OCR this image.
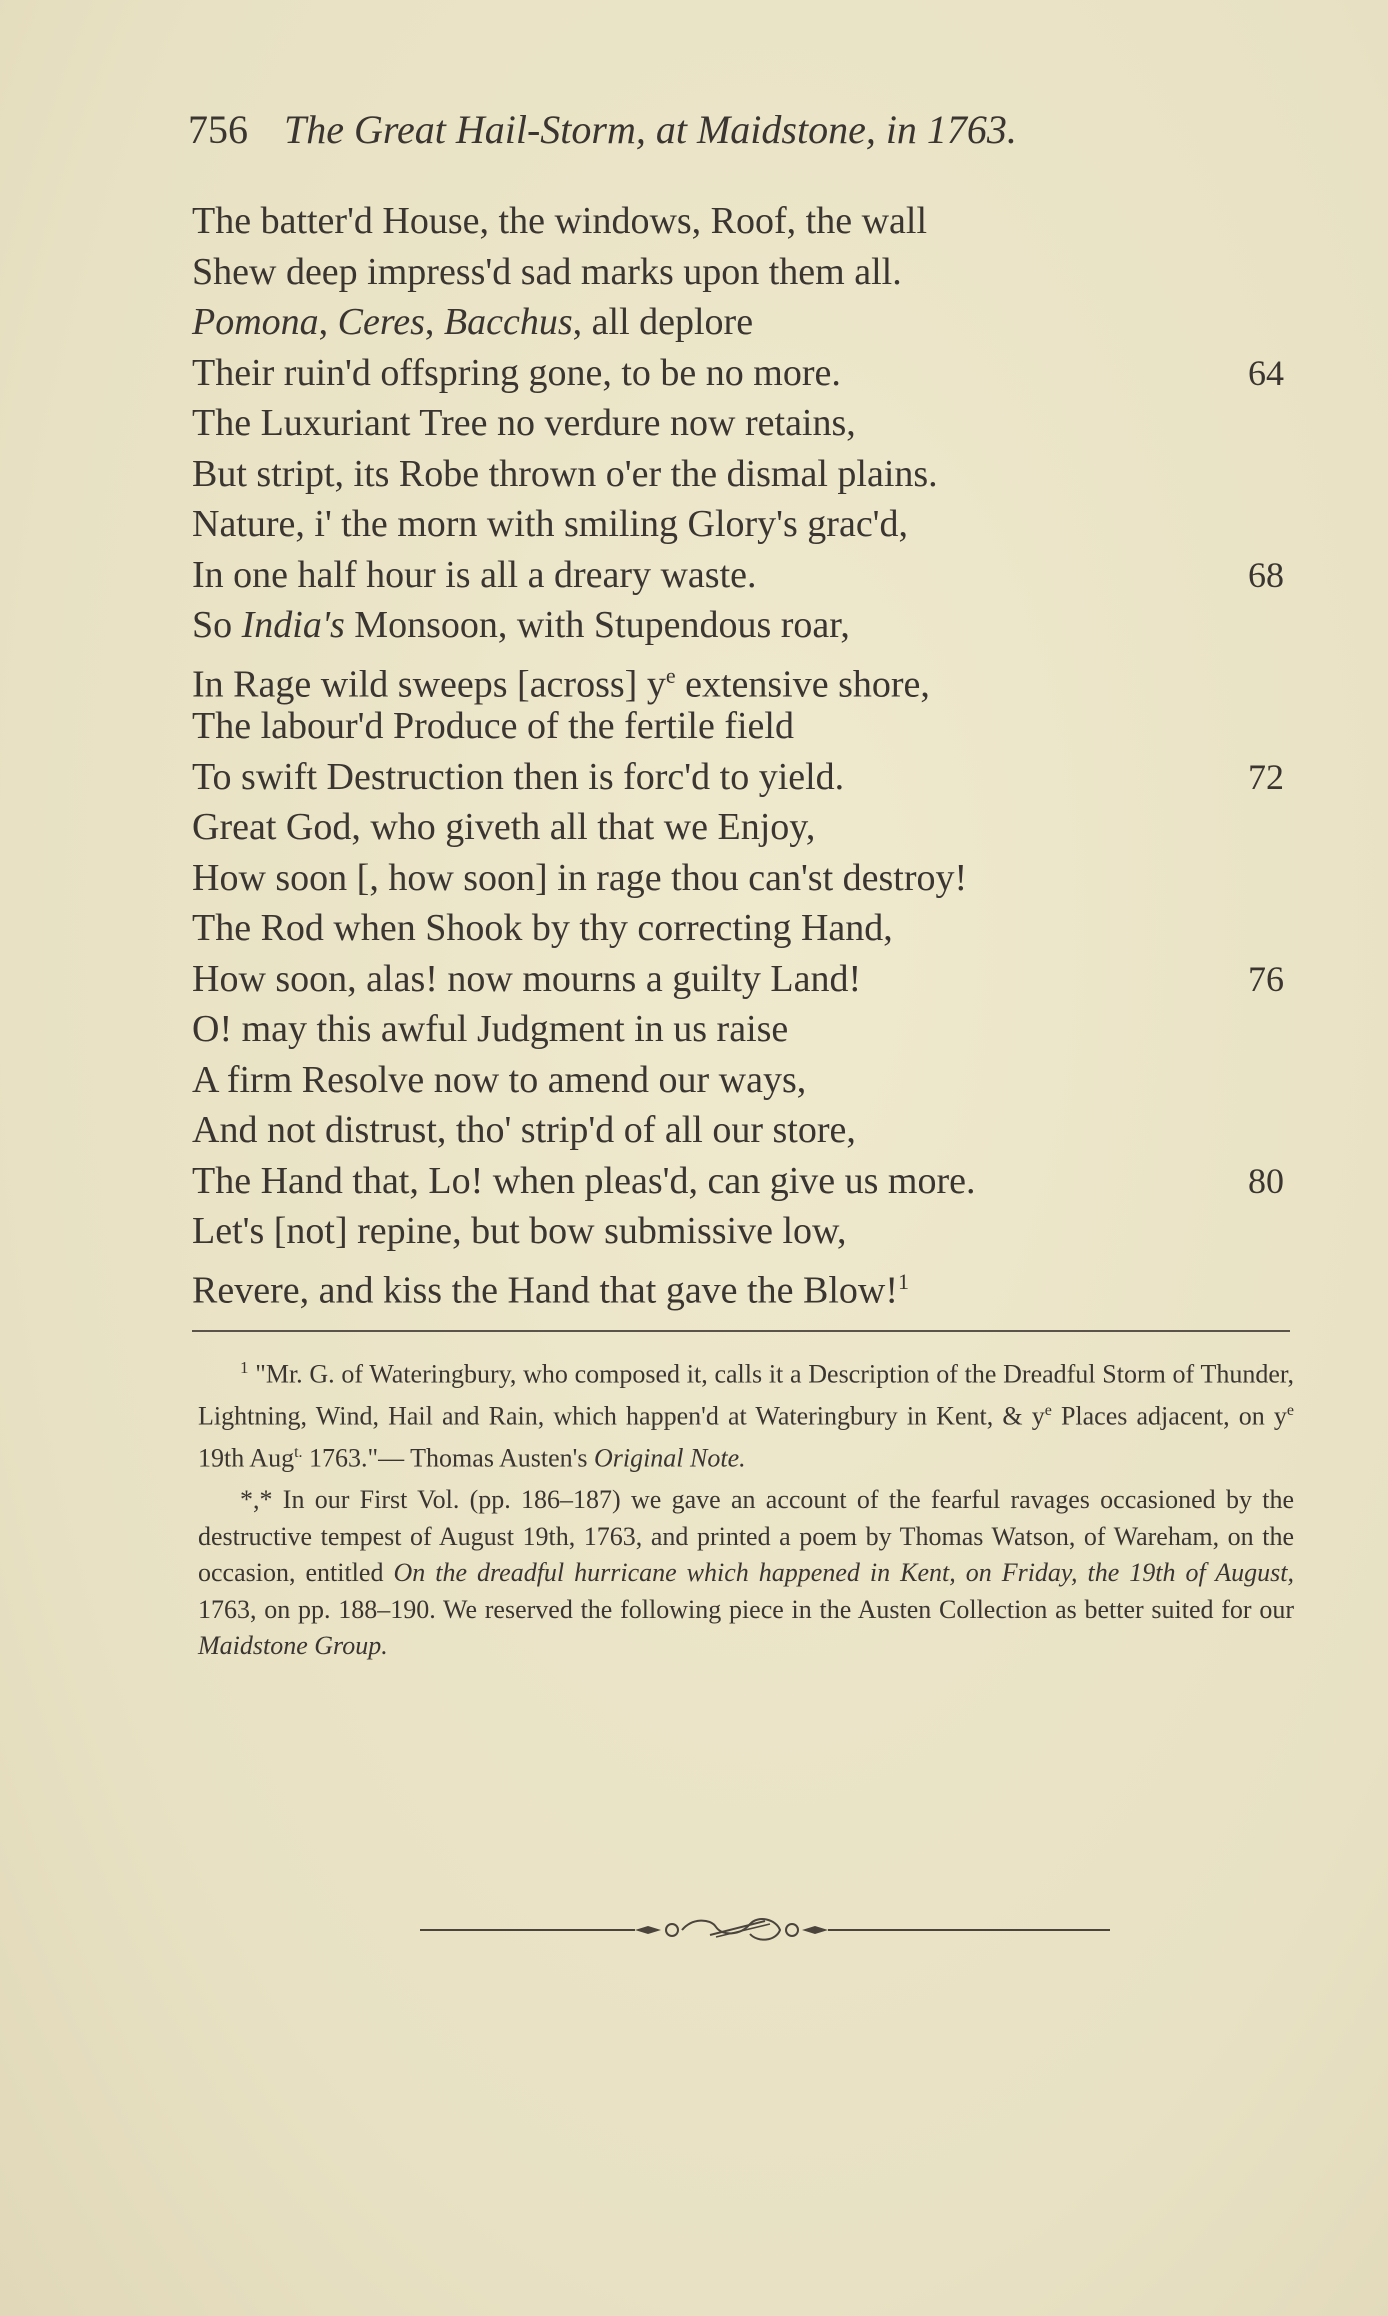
756 The Great Hail-Storm, at Maidstone, in 1763.
The batter'd House, the windows, Roof, the wall
Shew deep impress'd sad marks upon them all.
Pomona, Ceres, Bacchus, all deplore
Their ruin'd offspring gone, to be no more.	64
The Luxuriant Tree no verdure now retains,
But stript, its Robe thrown o'er the dismal plains.
Nature, i' the morn with smiling Glory's grac'd,
In one half hour is all a dreary waste.	68
So India's Monsoon, with Stupendous roar,
In Rage wild sweeps [across] $y^e$ extensive shore,
The labour'd Produce of the fertile field
To swift Destruction then is forc'd to yield.	72
Great God, who giveth all that we Enjoy,
How soon [, how soon] in rage thou can'st destroy!
The Rod when Shook by thy correcting Hand,
How soon, alas! now mourns a guilty Land!	76
O! may this awful Judgment in us raise
A firm Resolve now to amend our ways,
And not distrust, tho' strip'd of all our store,
The Hand that, Lo! when pleas'd, can give us more.	80
Let's [not] repine, but bow submissive low,
Revere, and kiss the Hand that gave the Blow!$^1$

$^1$ "Mr. G. of Wateringbury, who composed it, calls it a Description of the Dreadful Storm of Thunder, Lightning, Wind, Hail and Rain, which happen'd at Wateringbury in Kent, & $y^e$ Places adjacent, on $y^e$ 19th Aug$^{t.}$ 1763."— Thomas Austen's Original Note.

*,* In our First Vol. (pp. 186–187) we gave an account of the fearful ravages occasioned by the destructive tempest of August 19th, 1763, and printed a poem by Thomas Watson, of Wareham, on the occasion, entitled On the dreadful hurricane which happened in Kent, on Friday, the 19th of August, 1763, on pp. 188–190. We reserved the following piece in the Austen Collection as better suited for our Maidstone Group.
